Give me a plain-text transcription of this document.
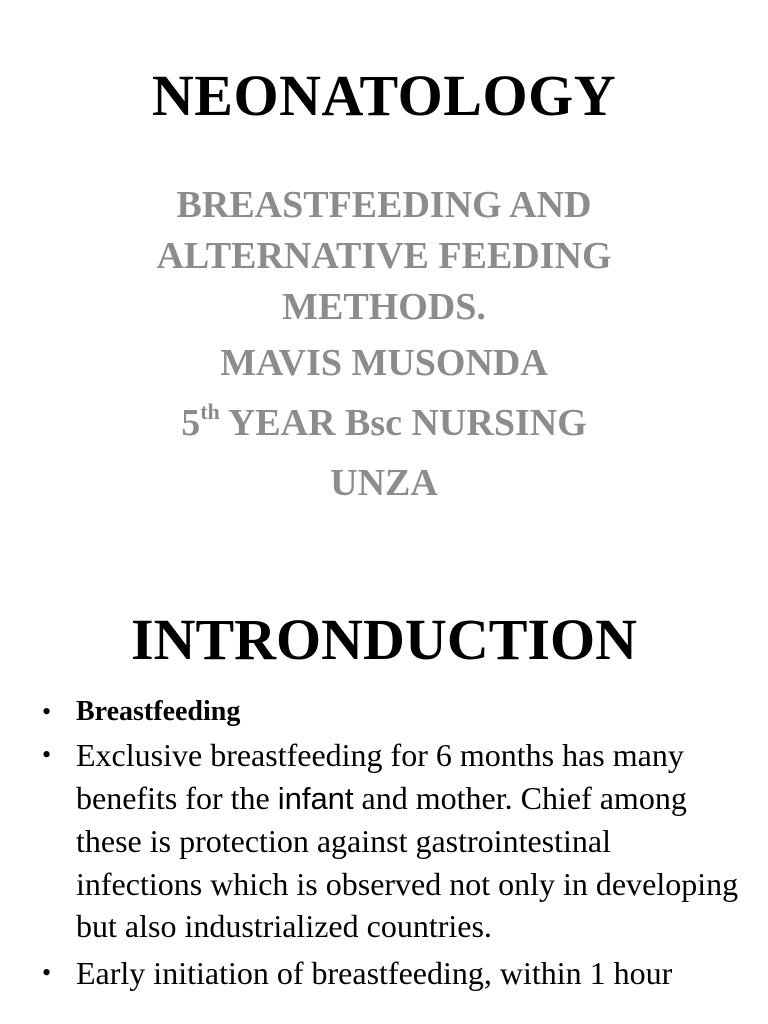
NEONATOLOGY
BREASTFEEDING AND ALTERNATIVE FEEDING METHODS.
MAVIS MUSONDA
5th YEAR Bsc NURSING
UNZA
INTRONDUCTION
• Breastfeeding
• Exclusive breastfeeding for 6 months has many benefits for the infant and mother. Chief among these is protection against gastrointestinal infections which is observed not only in developing but also industrialized countries.
• Early initiation of breastfeeding, within 1 hour
